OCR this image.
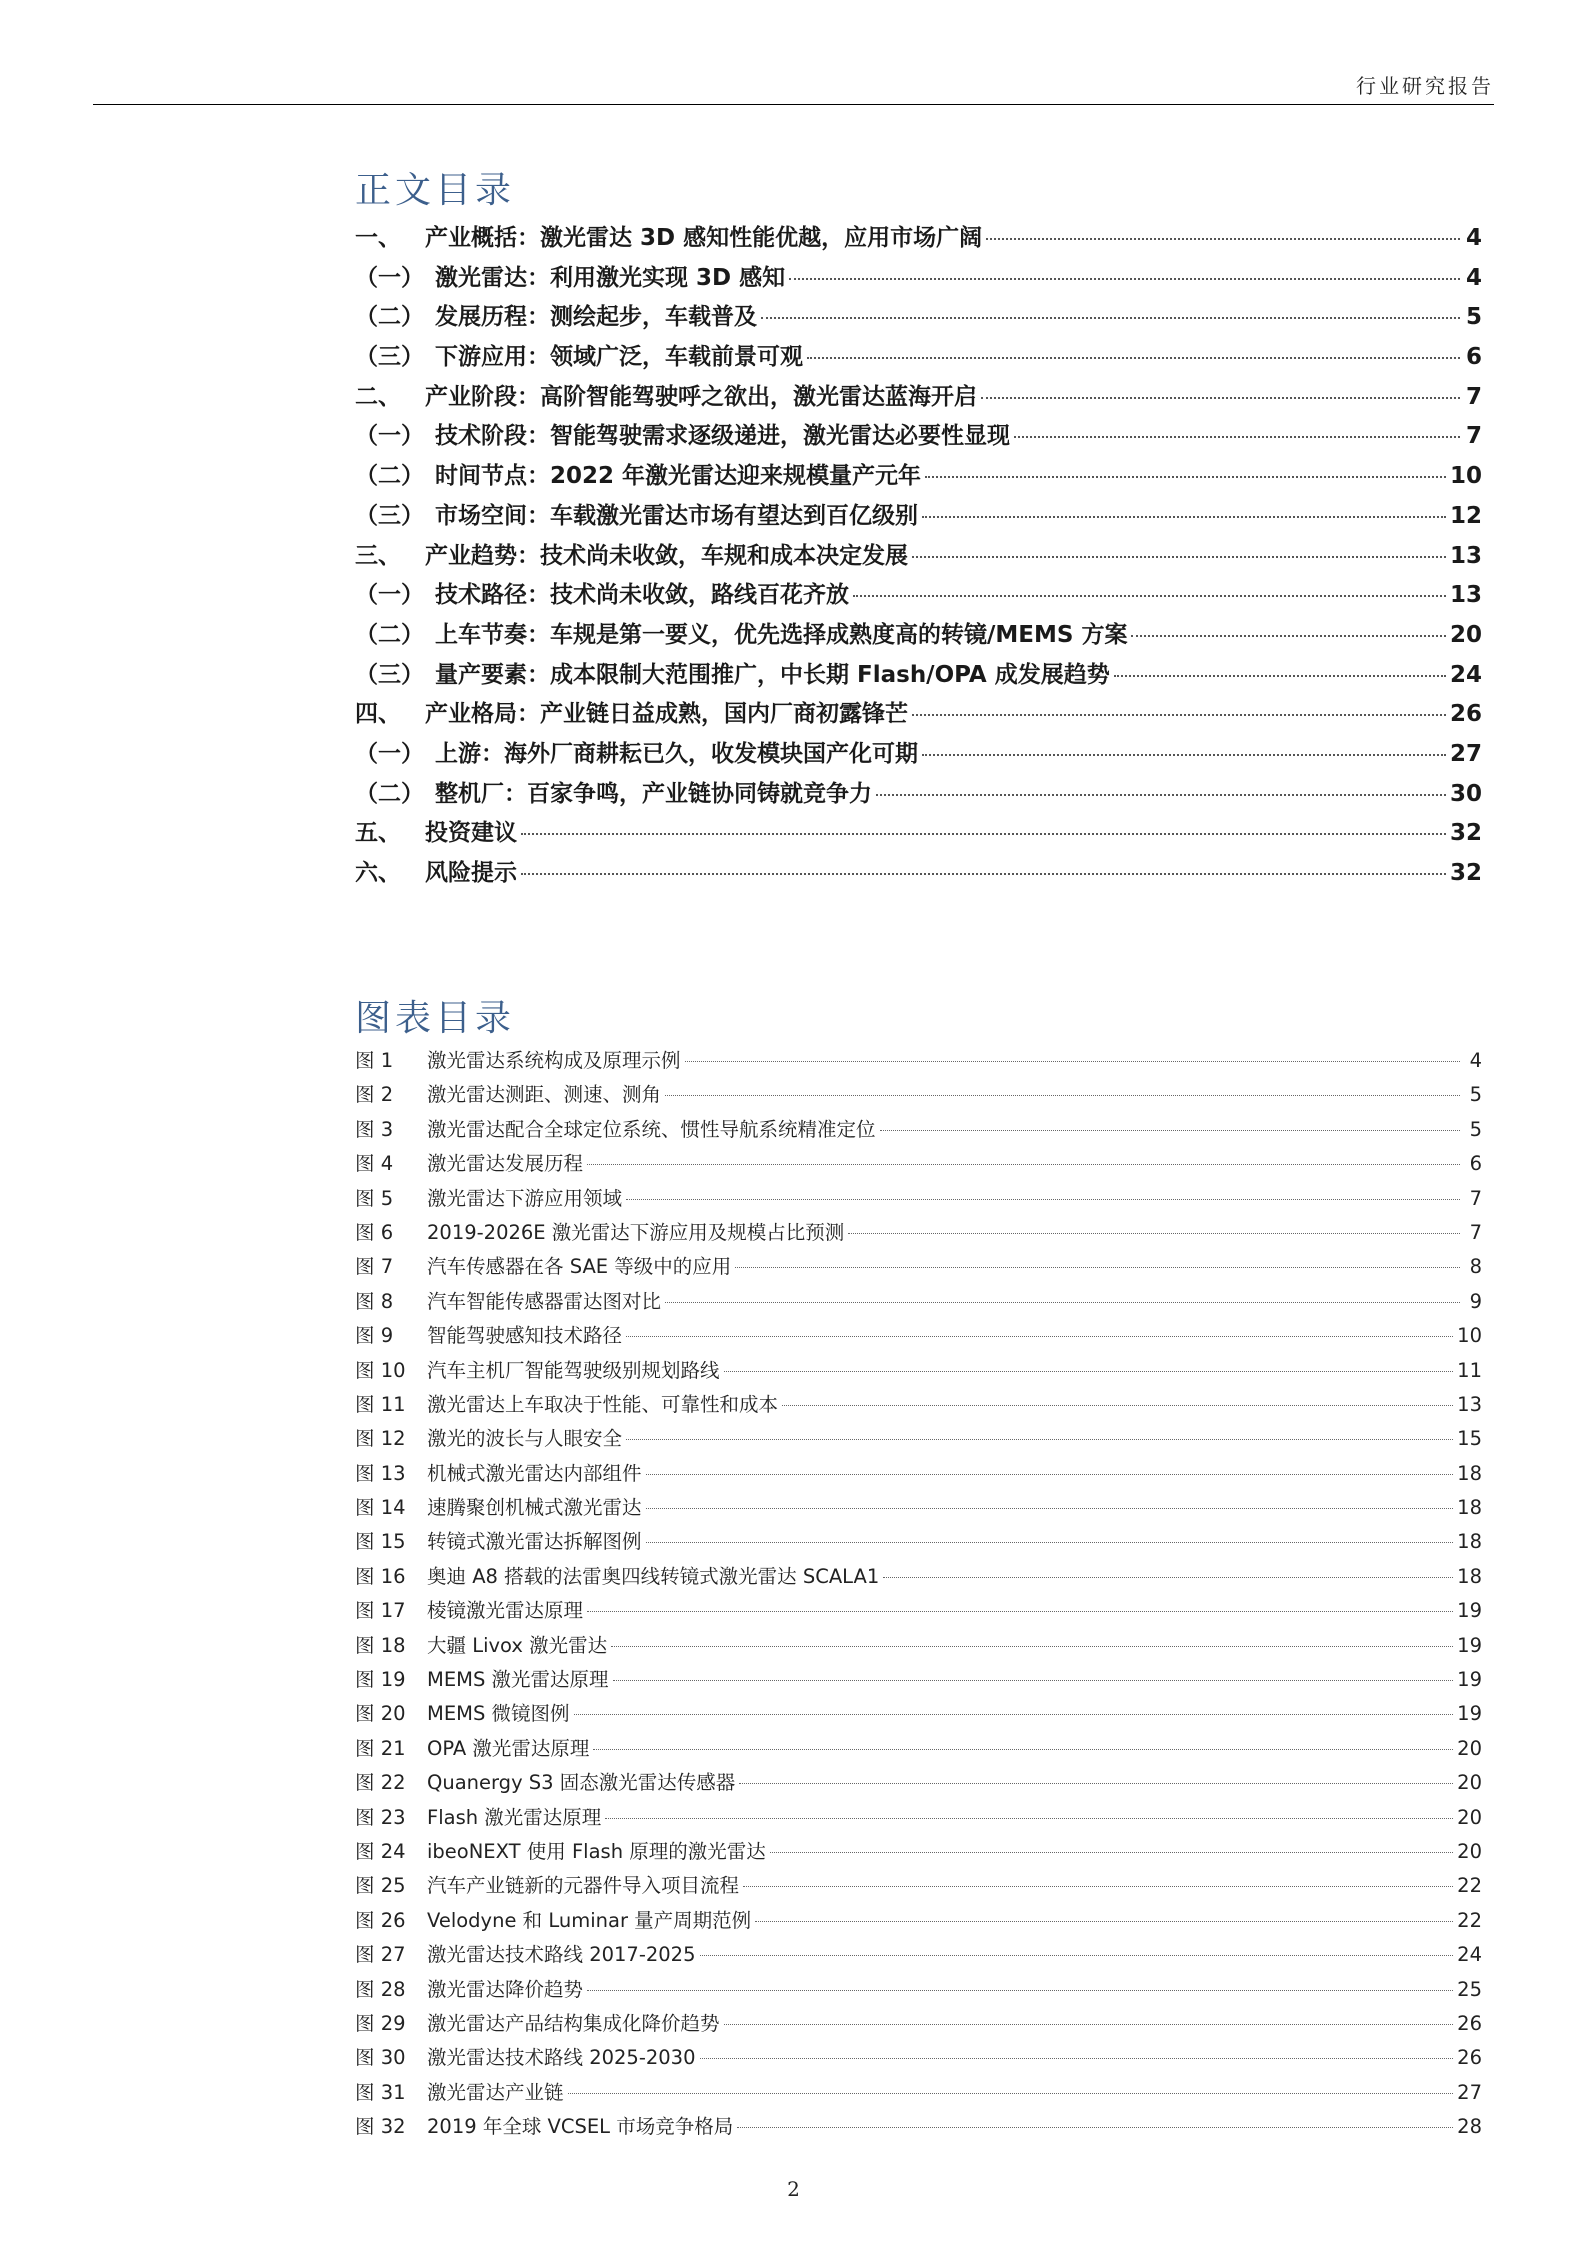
行业研究报告
正文目录
一、	产业概括：激光雷达 3D 感知性能优越，应用市场广阔	4
（一） 激光雷达：利用激光实现 3D 感知	4
（二） 发展历程：测绘起步，车载普及	5
（三） 下游应用：领域广泛，车载前景可观	6
二、	产业阶段：高阶智能驾驶呼之欲出，激光雷达蓝海开启	7
（一） 技术阶段：智能驾驶需求逐级递进，激光雷达必要性显现	7
（二） 时间节点：2022 年激光雷达迎来规模量产元年	10
（三） 市场空间：车载激光雷达市场有望达到百亿级别	12
三、	产业趋势：技术尚未收敛，车规和成本决定发展	13
（一） 技术路径：技术尚未收敛，路线百花齐放	13
（二） 上车节奏：车规是第一要义，优先选择成熟度高的转镜/MEMS 方案	20
（三） 量产要素：成本限制大范围推广，中长期 Flash/OPA 成发展趋势	24
四、	产业格局：产业链日益成熟，国内厂商初露锋芒	26
（一） 上游：海外厂商耕耘已久，收发模块国产化可期	27
（二） 整机厂：百家争鸣，产业链协同铸就竞争力	30
五、	投资建议	32
六、	风险提示	32
图表目录
图 1	激光雷达系统构成及原理示例	4
图 2	激光雷达测距、测速、测角	5
图 3	激光雷达配合全球定位系统、惯性导航系统精准定位	5
图 4	激光雷达发展历程	6
图 5	激光雷达下游应用领域	7
图 6	2019-2026E 激光雷达下游应用及规模占比预测	7
图 7	汽车传感器在各 SAE 等级中的应用	8
图 8	汽车智能传感器雷达图对比	9
图 9	智能驾驶感知技术路径	10
图 10	汽车主机厂智能驾驶级别规划路线	11
图 11	激光雷达上车取决于性能、可靠性和成本	13
图 12	激光的波长与人眼安全	15
图 13	机械式激光雷达内部组件	18
图 14	速腾聚创机械式激光雷达	18
图 15	转镜式激光雷达拆解图例	18
图 16	奥迪 A8 搭载的法雷奥四线转镜式激光雷达 SCALA1	18
图 17	棱镜激光雷达原理	19
图 18	大疆 Livox 激光雷达	19
图 19	MEMS 激光雷达原理	19
图 20	MEMS 微镜图例	19
图 21	OPA 激光雷达原理	20
图 22	Quanergy S3 固态激光雷达传感器	20
图 23	Flash 激光雷达原理	20
图 24	ibeoNEXT 使用 Flash 原理的激光雷达	20
图 25	汽车产业链新的元器件导入项目流程	22
图 26	Velodyne 和 Luminar 量产周期范例	22
图 27	激光雷达技术路线 2017-2025	24
图 28	激光雷达降价趋势	25
图 29	激光雷达产品结构集成化降价趋势	26
图 30	激光雷达技术路线 2025-2030	26
图 31	激光雷达产业链	27
图 32	2019 年全球 VCSEL 市场竞争格局	28
2
